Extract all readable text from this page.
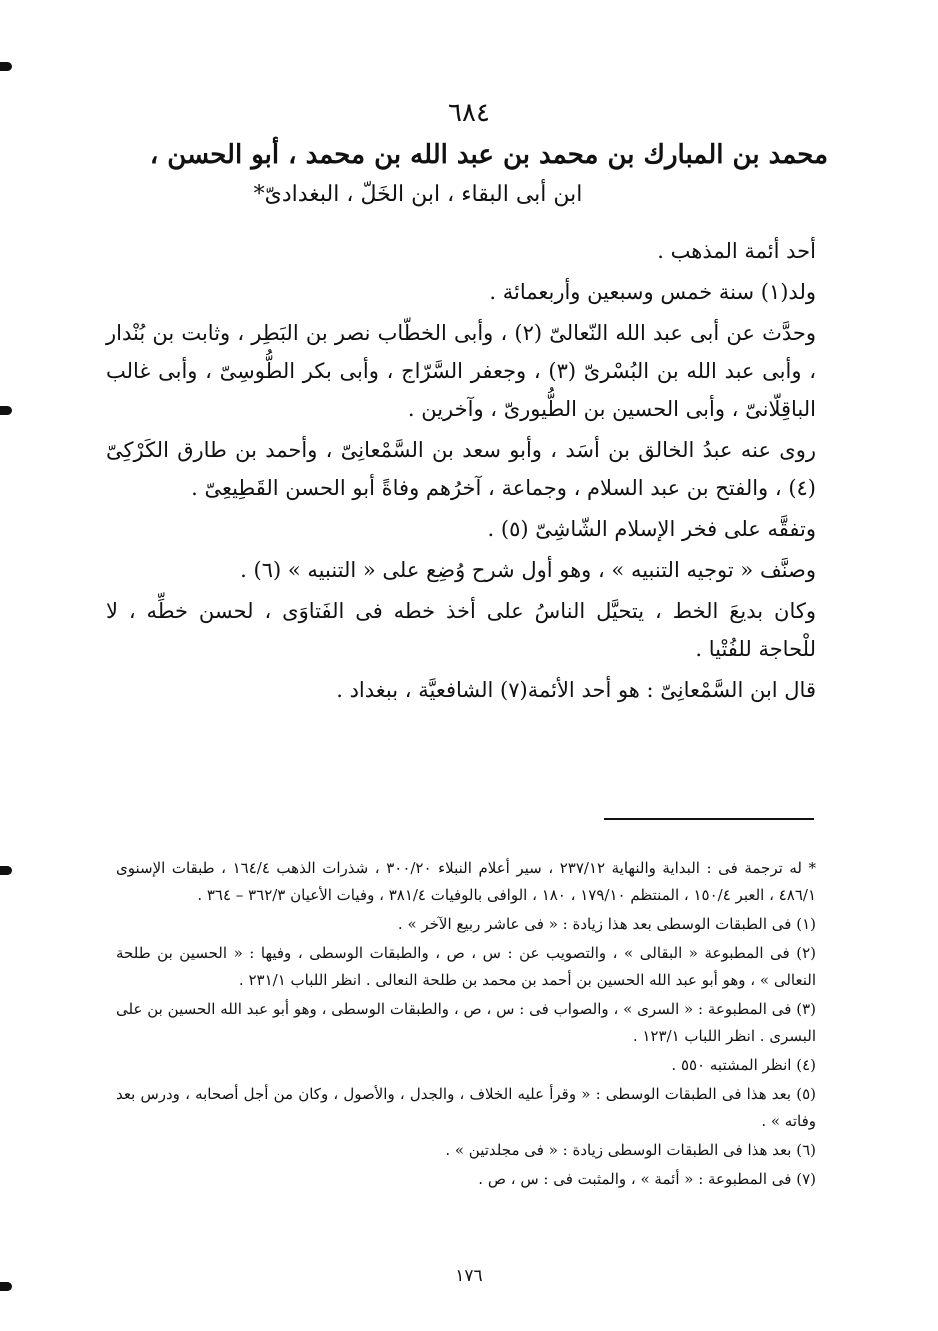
٦٨٤
محمد بن المبارك بن محمد بن عبد الله بن محمد ، أبو الحسن ،
ابن أبى البقاء ، ابن الخَلّ ، البغدادىّ*

أحد أئمة المذهب .

ولد(١) سنة خمس وسبعين وأربعمائة .

وحدَّث عن أبى عبد الله النّعالىّ (٢) ، وأبى الخطّاب نصر بن البَطِر ، وثابت بن بُنْدار ، وأبى عبد الله بن البُسْرىّ (٣) ، وجعفر السَّرّاج ، وأبى بكر الطُّوسِىّ ، وأبى غالب الباقِلّانىّ ، وأبى الحسين بن الطُّيورىّ ، وآخرين .

روى عنه عبدُ الخالق بن أسَد ، وأبو سعد بن السَّمْعانِىّ ، وأحمد بن طارق الكَرْكِىّ (٤) ، والفتح بن عبد السلام ، وجماعة ، آخرُهم وفاةً أبو الحسن القَطِيعِىّ .

وتفقَّه على فخر الإسلام الشّاشِىّ (٥) .

وصنَّف « توجيه التنبيه » ، وهو أول شرح وُضِع على « التنبيه » (٦) .

وكان بديعَ الخط ، يتحيَّل الناسُ على أخذ خطه فى الفَتاوَى ، لحسن خطِّه ، لا للْحاجة للفُتْيا .

قال ابن السَّمْعانِىّ : هو أحد الأئمة(٧) الشافعيَّة ، ببغداد .

* له ترجمة فى : البداية والنهاية ٢٣٧/١٢ ، سير أعلام النبلاء ٣٠٠/٢٠ ، شذرات الذهب ١٦٤/٤ ، طبقات الإسنوى ٤٨٦/١ ، العبر ١٥٠/٤ ، المنتظم ١٧٩/١٠ ، ١٨٠ ، الوافى بالوفيات ٣٨١/٤ ، وفيات الأعيان ٣٦٢/٣ – ٣٦٤ .

(١) فى الطبقات الوسطى بعد هذا زيادة : « فى عاشر ربيع الآخر » .

(٢) فى المطبوعة « البقالى » ، والتصويب عن : س ، ص ، والطبقات الوسطى ، وفيها : « الحسين بن طلحة النعالى » ، وهو أبو عبد الله الحسين بن أحمد بن محمد بن طلحة النعالى . انظر اللباب ٢٣١/١ .

(٣) فى المطبوعة : « السرى » ، والصواب فى : س ، ص ، والطبقات الوسطى ، وهو أبو عبد الله الحسين بن على البسرى . انظر اللباب ١٢٣/١ .

(٤) انظر المشتبه ٥٥٠ .

(٥) بعد هذا فى الطبقات الوسطى : « وقرأ عليه الخلاف ، والجدل ، والأصول ، وكان من أجل أصحابه ، ودرس بعد وفاته » .

(٦) بعد هذا فى الطبقات الوسطى زيادة : « فى مجلدتين » .

(٧) فى المطبوعة : « أئمة » ، والمثبت فى : س ، ص .

١٧٦
